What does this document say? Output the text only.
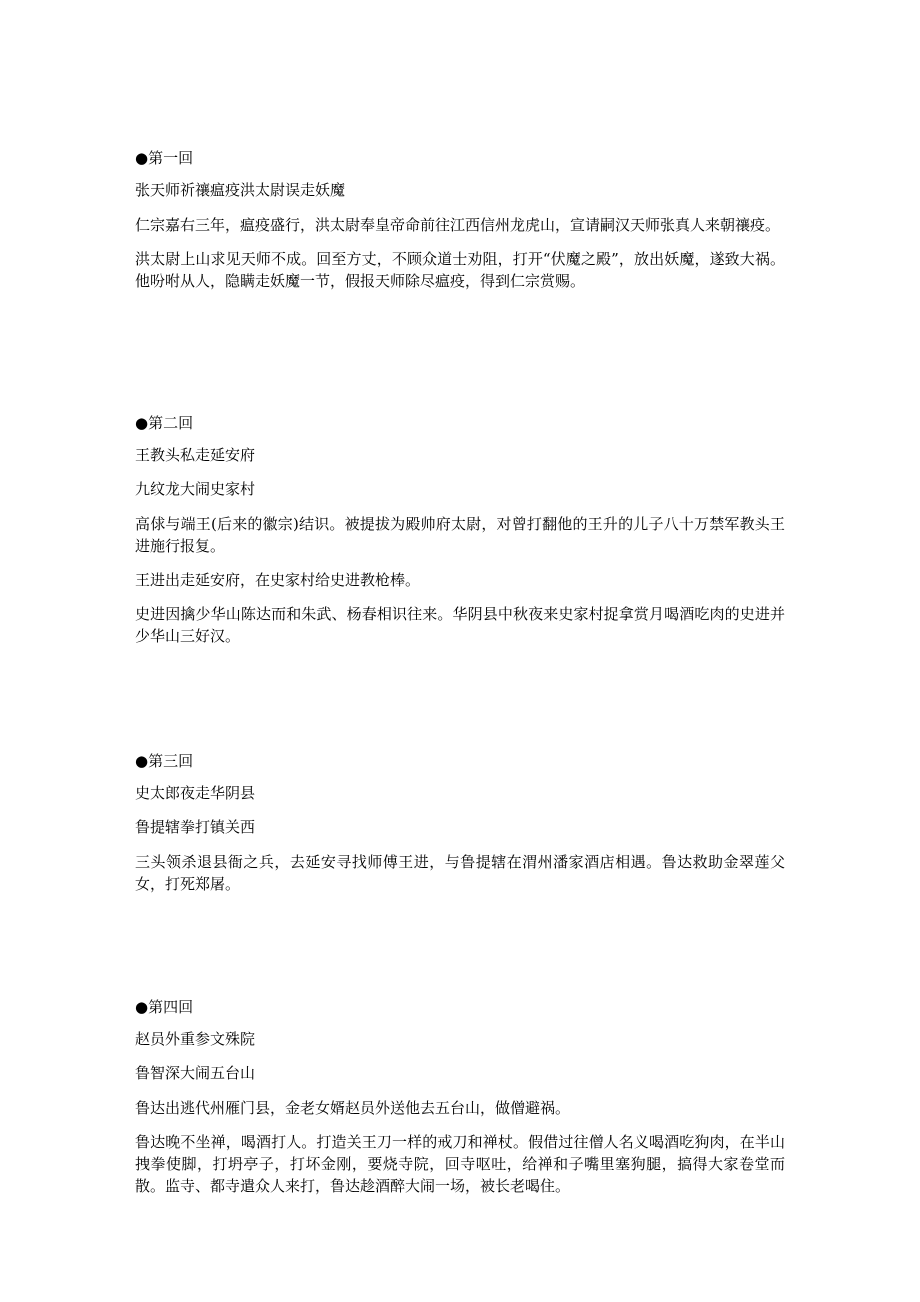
●第一回
张天师祈禳瘟疫洪太尉误走妖魔

仁宗嘉右三年，瘟疫盛行，洪太尉奉皇帝命前往江西信州龙虎山，宣请嗣汉天师张真人来朝禳疫。

洪太尉上山求见天师不成。回至方丈，不顾众道士劝阻，打开“伏魔之殿”，放出妖魔，遂致大祸。他吩咐从人，隐瞒走妖魔一节，假报天师除尽瘟疫，得到仁宗赏赐。

●第二回
王教头私走延安府
九纹龙大闹史家村

高俅与端王(后来的徽宗)结识。被提拔为殿帅府太尉，对曾打翻他的王升的儿子八十万禁军教头王进施行报复。

王进出走延安府，在史家村给史进教枪棒。

史进因擒少华山陈达而和朱武、杨春相识往来。华阴县中秋夜来史家村捉拿赏月喝酒吃肉的史进并少华山三好汉。

●第三回
史太郎夜走华阴县
鲁提辖拳打镇关西

三头领杀退县衙之兵，去延安寻找师傅王进，与鲁提辖在渭州潘家酒店相遇。鲁达救助金翠莲父女，打死郑屠。

●第四回
赵员外重参文殊院
鲁智深大闹五台山

鲁达出逃代州雁门县，金老女婿赵员外送他去五台山，做僧避祸。

鲁达晚不坐禅，喝酒打人。打造关王刀一样的戒刀和禅杖。假借过往僧人名义喝酒吃狗肉，在半山拽拳使脚，打坍亭子，打坏金刚，要烧寺院，回寺呕吐，给禅和子嘴里塞狗腿，搞得大家卷堂而散。监寺、都寺遣众人来打，鲁达趁酒醉大闹一场，被长老喝住。
